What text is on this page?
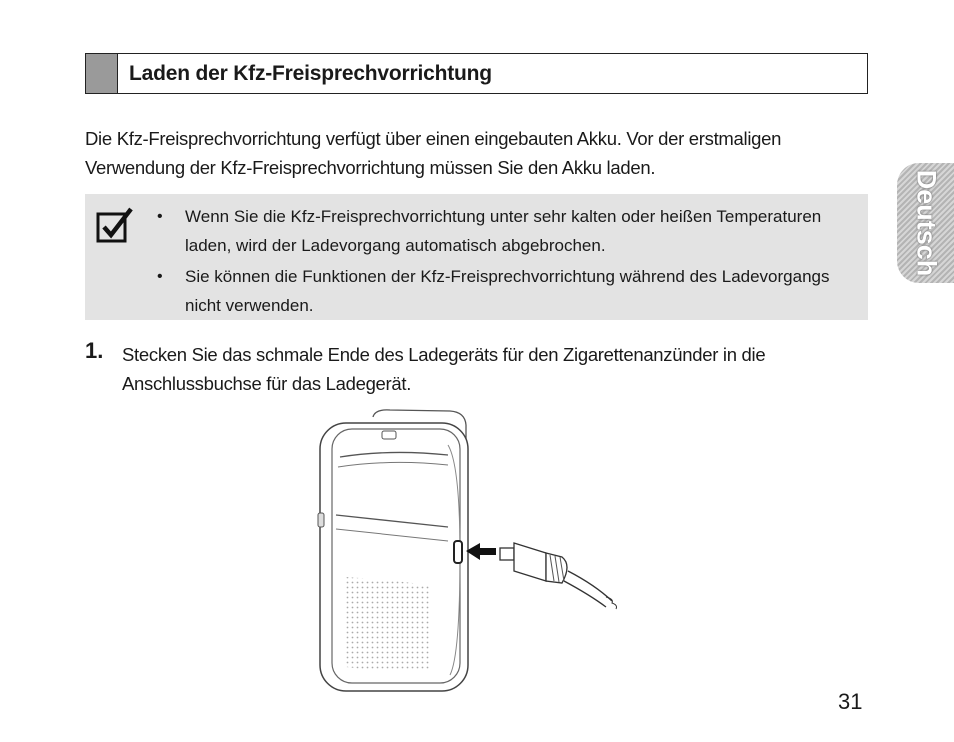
Laden der Kfz-Freisprechvorrichtung
Die Kfz-Freisprechvorrichtung verfügt über einen eingebauten Akku. Vor der erstmaligen Verwendung der Kfz-Freisprechvorrichtung müssen Sie den Akku laden.
• Wenn Sie die Kfz-Freisprechvorrichtung unter sehr kalten oder heißen Temperaturen laden, wird der Ladevorgang automatisch abgebrochen.
• Sie können die Funktionen der Kfz-Freisprechvorrichtung während des Ladevorgangs nicht verwenden.
1. Stecken Sie das schmale Ende des Ladegeräts für den Zigarettenanzünder in die Anschlussbuchse für das Ladegerät.
Deutsch
31
